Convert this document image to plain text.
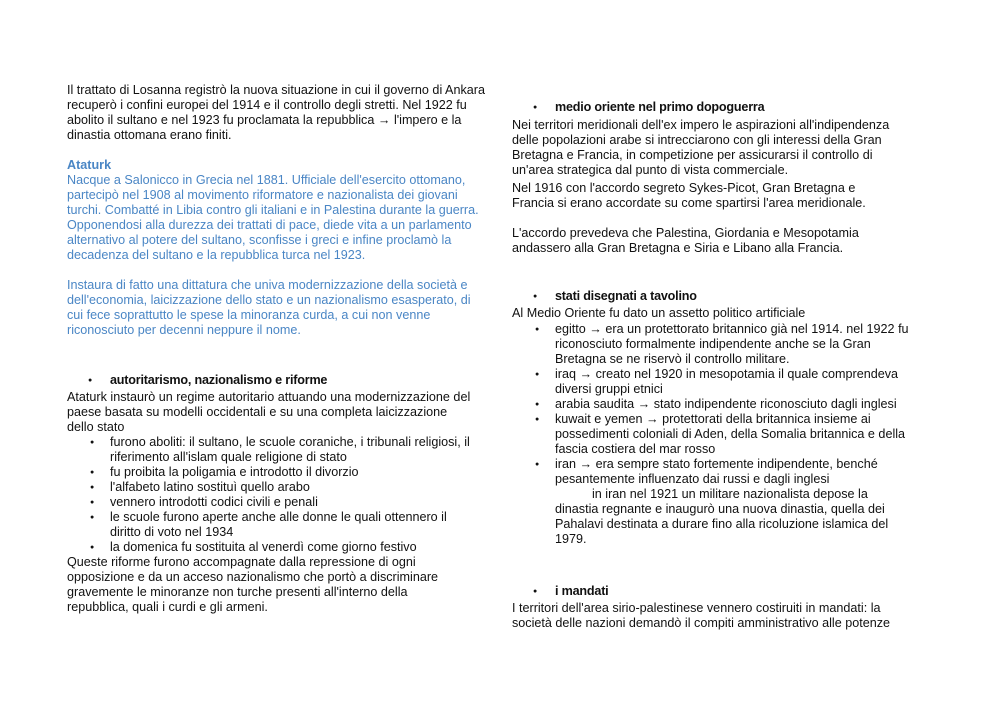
Il trattato di Losanna registrò la nuova situazione in cui il governo di Ankara recuperò i confini europei del 1914 e il controllo degli stretti. Nel 1922 fu abolito il sultano e nel 1923 fu proclamata la repubblica → l'impero e la dinastia ottomana erano finiti.

Ataturk

Nacque a Salonicco in Grecia nel 1881. Ufficiale dell'esercito ottomano, partecipò nel 1908 al movimento riformatore e nazionalista dei giovani turchi. Combatté in Libia contro gli italiani e in Palestina durante la guerra. Opponendosi alla durezza dei trattati di pace, diede vita a un parlamento alternativo al potere del sultano, sconfisse i greci e infine proclamò la decadenza del sultano e la repubblica turca nel 1923.

Instaura di fatto una dittatura che univa modernizzazione della società e dell'economia, laicizzazione dello stato e un nazionalismo esasperato, di cui fece soprattutto le spese la minoranza curda, a cui non venne riconosciuto per decenni neppure il nome.

● autoritarismo, nazionalismo e riforme

Ataturk instaurò un regime autoritario attuando una modernizzazione del paese basata su modelli occidentali e su una completa laicizzazione dello stato

● furono aboliti: il sultano, le scuole coraniche, i tribunali religiosi, il riferimento all'islam quale religione di stato
● fu proibita la poligamia e introdotto il divorzio
● l'alfabeto latino sostituì quello arabo
● vennero introdotti codici civili e penali
● le scuole furono aperte anche alle donne le quali ottennero il diritto di voto nel 1934
● la domenica fu sostituita al venerdì come giorno festivo

Queste riforme furono accompagnate dalla repressione di ogni opposizione e da un acceso nazionalismo che portò a discriminare gravemente le minoranze non turche presenti all'interno della repubblica, quali i curdi e gli armeni.

● medio oriente nel primo dopoguerra

Nei territori meridionali dell'ex impero le aspirazioni all'indipendenza delle popolazioni arabe si intrecciarono con gli interessi della Gran Bretagna e Francia, in competizione per assicurarsi il controllo di un'area strategica dal punto di vista commerciale.

Nel 1916 con l'accordo segreto Sykes-Picot, Gran Bretagna e Francia si erano accordate su come spartirsi l'area meridionale.

L'accordo prevedeva che Palestina, Giordania e Mesopotamia andassero alla Gran Bretagna e Siria e Libano alla Francia.

● stati disegnati a tavolino

Al Medio Oriente fu dato un assetto politico artificiale

● egitto → era un protettorato britannico già nel 1914. nel 1922 fu riconosciuto formalmente indipendente anche se la Gran Bretagna se ne riservò il controllo militare.
● iraq → creato nel 1920 in mesopotamia il quale comprendeva diversi gruppi etnici
● arabia saudita → stato indipendente riconosciuto dagli inglesi
● kuwait e yemen → protettorati della britannica insieme ai possedimenti coloniali di Aden, della Somalia britannica e della fascia costiera del mar rosso
● iran → era sempre stato fortemente indipendente, benché pesantemente influenzato dai russi e dagli inglesi

in iran nel 1921 un militare nazionalista depose la

dinastia regnante e inaugurò una nuova dinastia, quella dei Pahalavi destinata a durare fino alla ricoluzione islamica del 1979.

● i mandati

I territori dell'area sirio-palestinese vennero costiruiti in mandati: la società delle nazioni demandò il compiti amministrativo alle potenze
